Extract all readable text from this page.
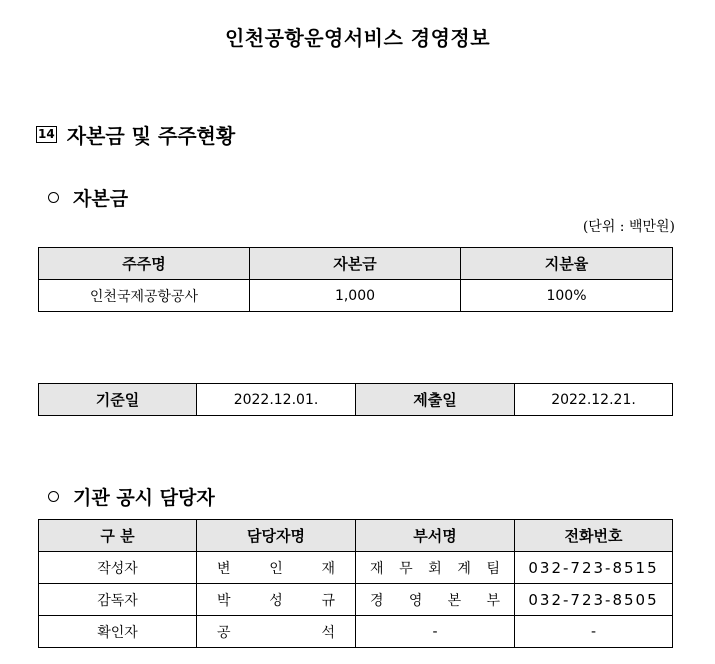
인천공항운영서비스 경영정보
14 자본금 및 주주현황
자본금
(단위 : 백만원)
주주명	자본금	지분율
인천국제공항공사	1,000	100%
기준일	2022.12.01.	제출일	2022.12.21.
기관 공시 담당자
구 분	담당자명	부서명	전화번호
작성자	변 인 재	재 무 회 계 팀	032-723-8515
감독자	박 성 규	경 영 본 부	032-723-8505
확인자	공 석	-	-
